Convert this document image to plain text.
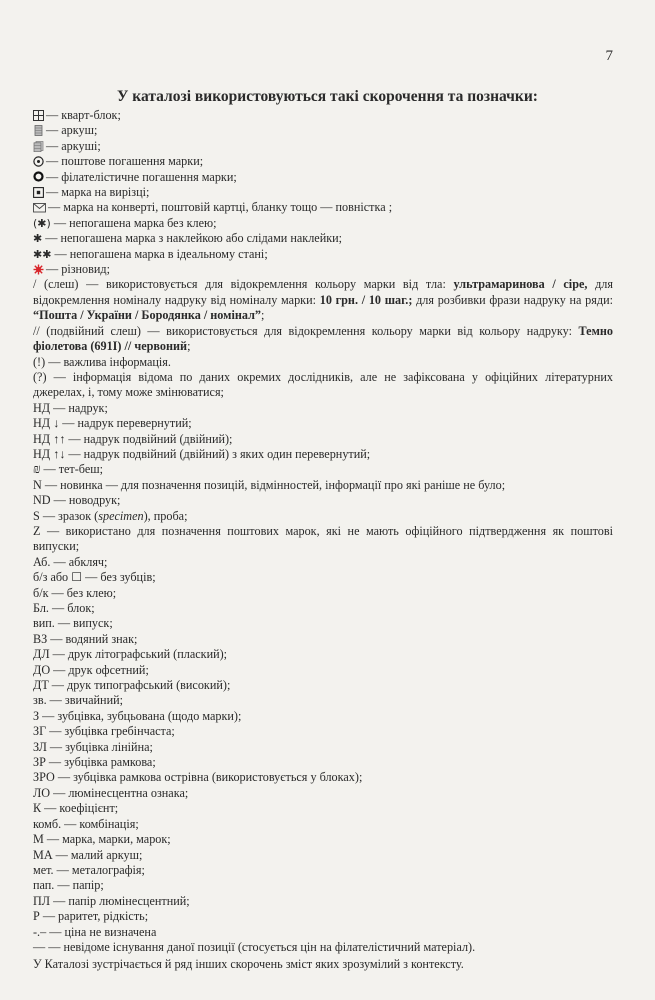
7
У каталозі використовуються такі скорочення та позначки:
— кварт-блок;
— аркуш;
— аркуші;
— поштове погашення марки;
— філателістичне погашення марки;
— марка на вирізці;
— марка на конверті, поштовій картці, бланку тощо — повністка ;
(✱) — непогашена марка без клею;
✱ — непогашена марка з наклейкою або слідами наклейки;
✱✱ — непогашена марка в ідеальному стані;
— різновид;
/ (слеш) — використовується для відокремлення кольору марки від тла: ультрамаринова / сіре, для відокремлення номіналу надруку від номіналу марки: 10 грн. / 10 шаг.; для розбивки фрази надруку на ряди: “Пошта / України / Бородянка / номінал”;
// (подвійний слеш) — використовується для відокремлення кольору марки від кольору надруку: Темно фіолетова (691I) // червоний;
(!) — важлива інформація.
(?) — інформація відома по даних окремих дослідників, але не зафіксована у офіційних літературних джерелах, і, тому може змінюватися;
НД — надрук;
НД ↓ — надрук перевернутий;
НД ↑↑ — надрук подвійний (двійний);
НД ↑↓ — надрук подвійний (двійний) з яких один перевернутий;
₪ — тет-беш;
N — новинка — для позначення позицій, відмінностей, інформації про які раніше не було;
ND — новодрук;
S — зразок (specimen), проба;
Z — використано для позначення поштових марок, які не мають офіційного підтвердження як поштові випуски;
Аб. — абкляч;
б/з або ☐ — без зубців;
б/к — без клею;
Бл. — блок;
вип. — випуск;
ВЗ — водяний знак;
ДЛ — друк літографський (плаский);
ДО — друк офсетний;
ДТ — друк типографський (високий);
зв. — звичайний;
З — зубцівка, зубцьована (щодо марки);
ЗГ — зубцівка гребінчаста;
ЗЛ — зубцівка лінійна;
ЗР — зубцівка рамкова;
ЗРО — зубцівка рамкова острівна (використовується у блоках);
ЛО — люмінесцентна ознака;
К — коефіцієнт;
комб. — комбінація;
М — марка, марки, марок;
МА — малий аркуш;
мет. — металографія;
пап. — папір;
ПЛ — папір люмінесцентний;
Р — раритет, рідкість;
-.– — ціна не визначена
— — невідоме існування даної позиції (стосується цін на філателістичний матеріал).
У Каталозі зустрічається й ряд інших скорочень зміст яких зрозумілий з контексту.
